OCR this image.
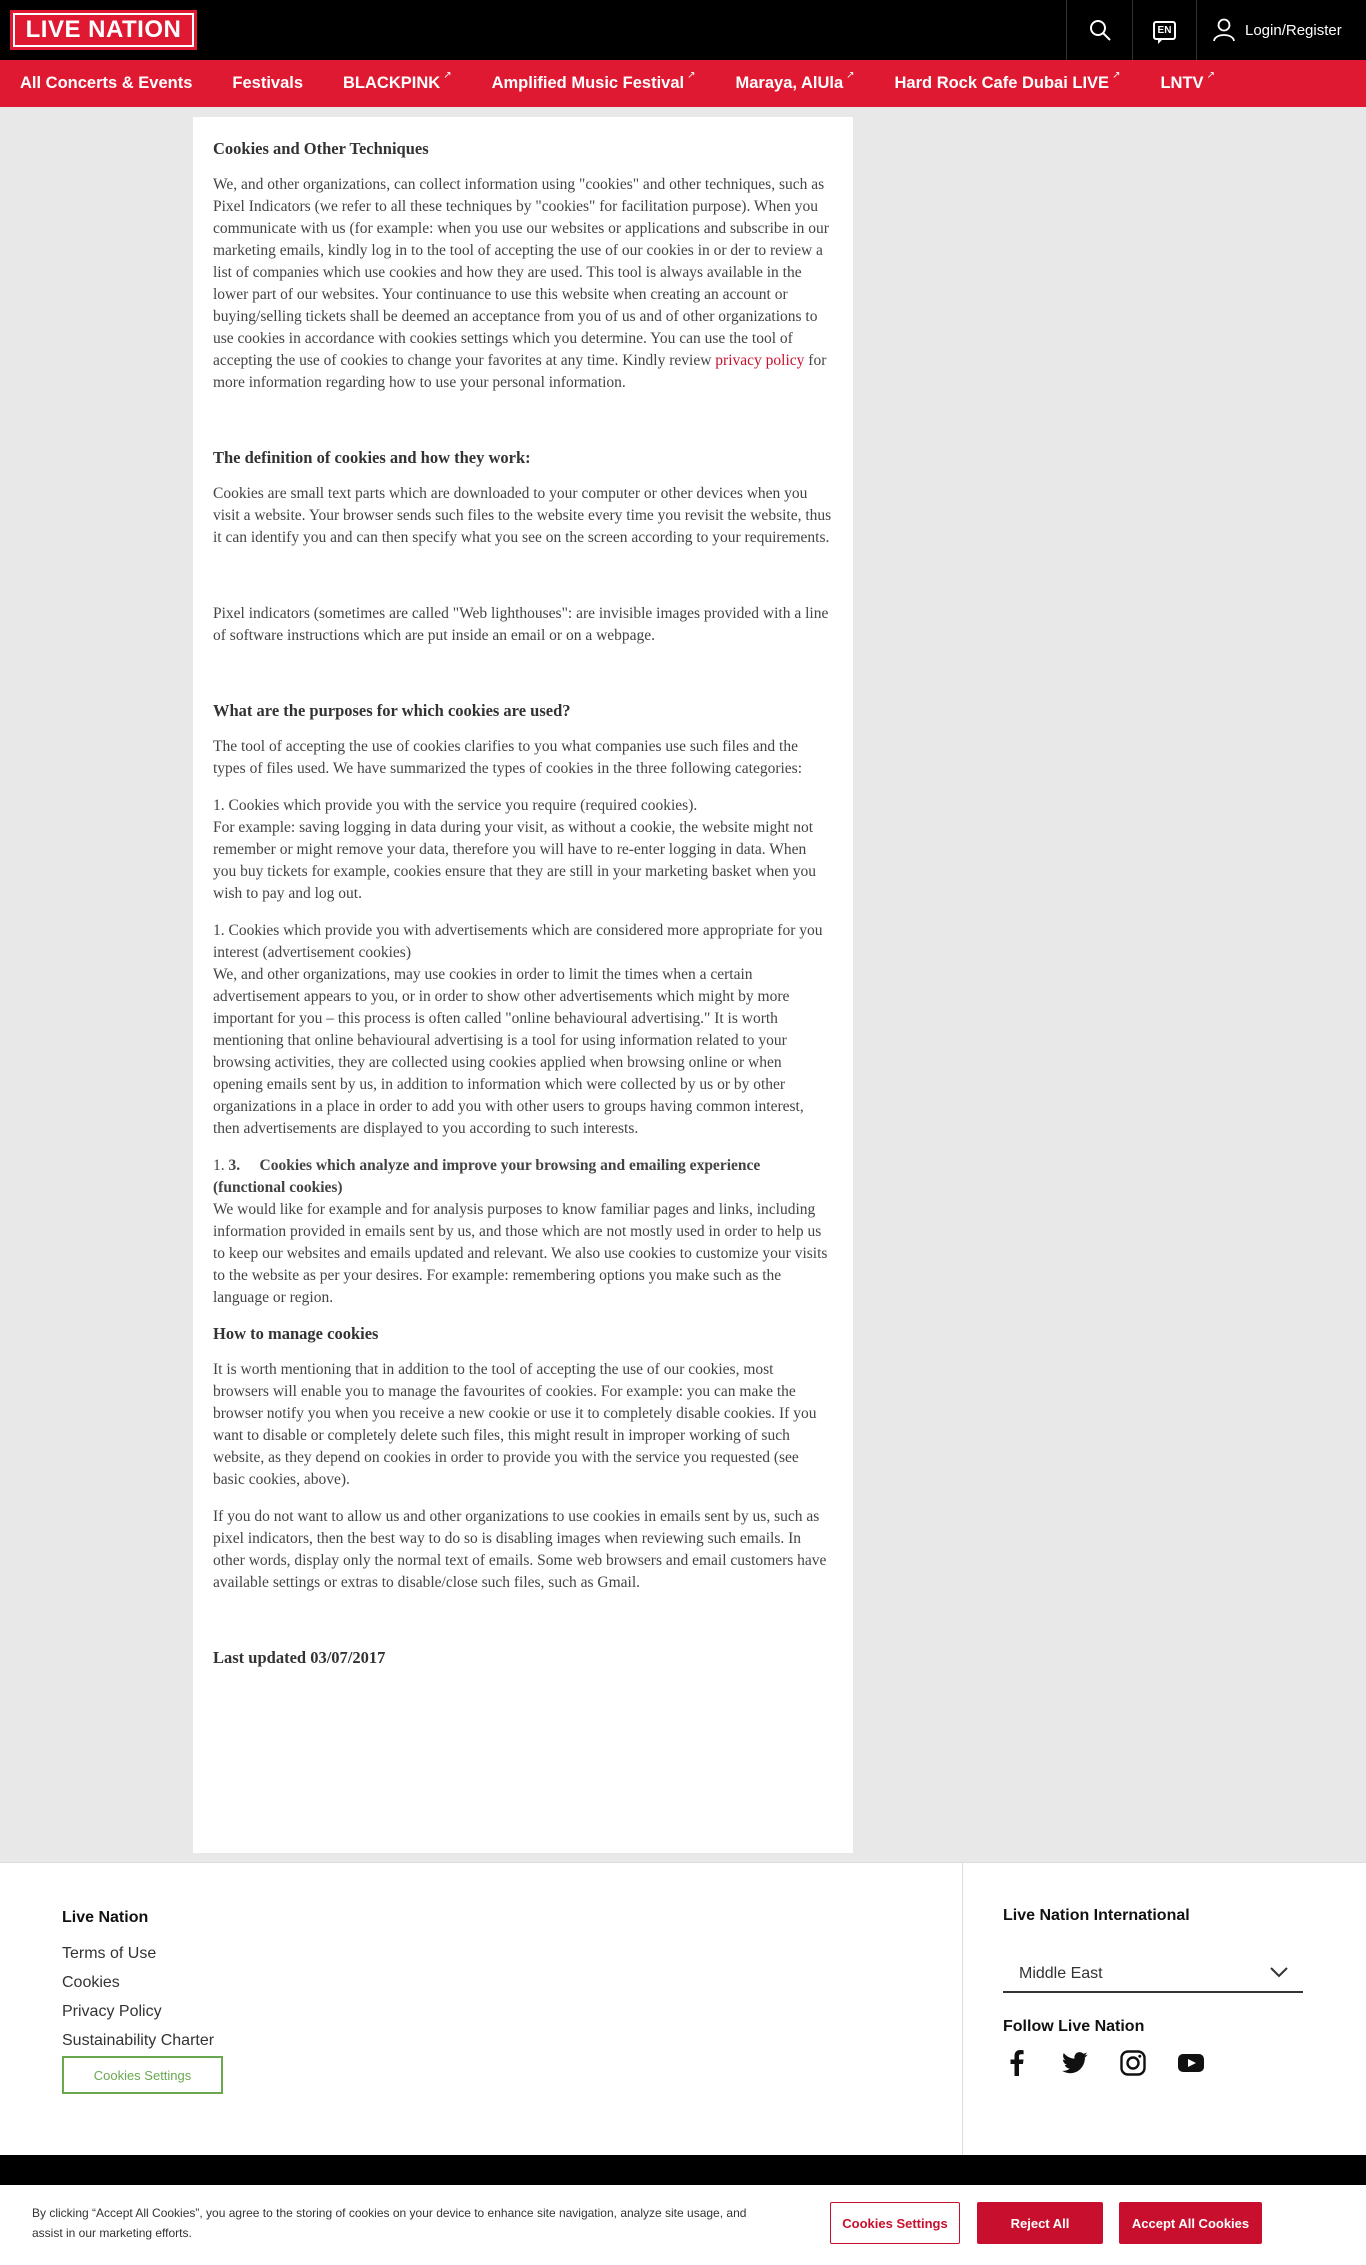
LIVE NATION	EN	Login/Register
All Concerts & Events Festivals BLACKPINK ↗ Amplified Music Festival ↗ Maraya, AlUla ↗ Hard Rock Cafe Dubai LIVE ↗ LNTV ↗
Cookies and Other Techniques

We, and other organizations, can collect information using "cookies" and other techniques, such as Pixel Indicators (we refer to all these techniques by "cookies" for facilitation purpose). When you communicate with us (for example: when you use our websites or applications and subscribe in our marketing emails, kindly log in to the tool of accepting the use of our cookies in or der to review a list of companies which use cookies and how they are used. This tool is always available in the lower part of our websites. Your continuance to use this website when creating an account or buying/selling tickets shall be deemed an acceptance from you of us and of other organizations to use cookies in accordance with cookies settings which you determine. You can use the tool of accepting the use of cookies to change your favorites at any time. Kindly review privacy policy for more information regarding how to use your personal information.

The definition of cookies and how they work:

Cookies are small text parts which are downloaded to your computer or other devices when you visit a website. Your browser sends such files to the website every time you revisit the website, thus it can identify you and can then specify what you see on the screen according to your requirements.

Pixel indicators (sometimes are called "Web lighthouses": are invisible images provided with a line of software instructions which are put inside an email or on a webpage.

What are the purposes for which cookies are used?

The tool of accepting the use of cookies clarifies to you what companies use such files and the types of files used. We have summarized the types of cookies in the three following categories:

1. Cookies which provide you with the service you require (required cookies).
For example: saving logging in data during your visit, as without a cookie, the website might not remember or might remove your data, therefore you will have to re-enter logging in data. When you buy tickets for example, cookies ensure that they are still in your marketing basket when you wish to pay and log out.
1. Cookies which provide you with advertisements which are considered more appropriate for you interest (advertisement cookies)
We, and other organizations, may use cookies in order to limit the times when a certain advertisement appears to you, or in order to show other advertisements which might by more important for you – this process is often called "online behavioural advertising." It is worth mentioning that online behavioural advertising is a tool for using information related to your browsing activities, they are collected using cookies applied when browsing online or when opening emails sent by us, in addition to information which were collected by us or by other organizations in a place in order to add you with other users to groups having common interest, then advertisements are displayed to you according to such interests.
1. 3.     Cookies which analyze and improve your browsing and emailing experience (functional cookies)
We would like for example and for analysis purposes to know familiar pages and links, including information provided in emails sent by us, and those which are not mostly used in order to help us to keep our websites and emails updated and relevant. We also use cookies to customize your visits to the website as per your desires. For example: remembering options you make such as the language or region.
How to manage cookies

It is worth mentioning that in addition to the tool of accepting the use of our cookies, most browsers will enable you to manage the favourites of cookies. For example: you can make the browser notify you when you receive a new cookie or use it to completely disable cookies. If you want to disable or completely delete such files, this might result in improper working of such website, as they depend on cookies in order to provide you with the service you requested (see basic cookies, above).

If you do not want to allow us and other organizations to use cookies in emails sent by us, such as pixel indicators, then the best way to do so is disabling images when reviewing such emails. In other words, display only the normal text of emails. Some web browsers and email customers have available settings or extras to disable/close such files, such as Gmail.

Last updated 03/07/2017
Live Nation
Terms of Use
Cookies
Privacy Policy
Sustainability Charter
Cookies Settings
Live Nation International
Middle East
Follow Live Nation
By clicking “Accept All Cookies”, you agree to the storing of cookies on your device to enhance site navigation, analyze site usage, and assist in our marketing efforts.
Cookies Settings	Reject All	Accept All Cookies
